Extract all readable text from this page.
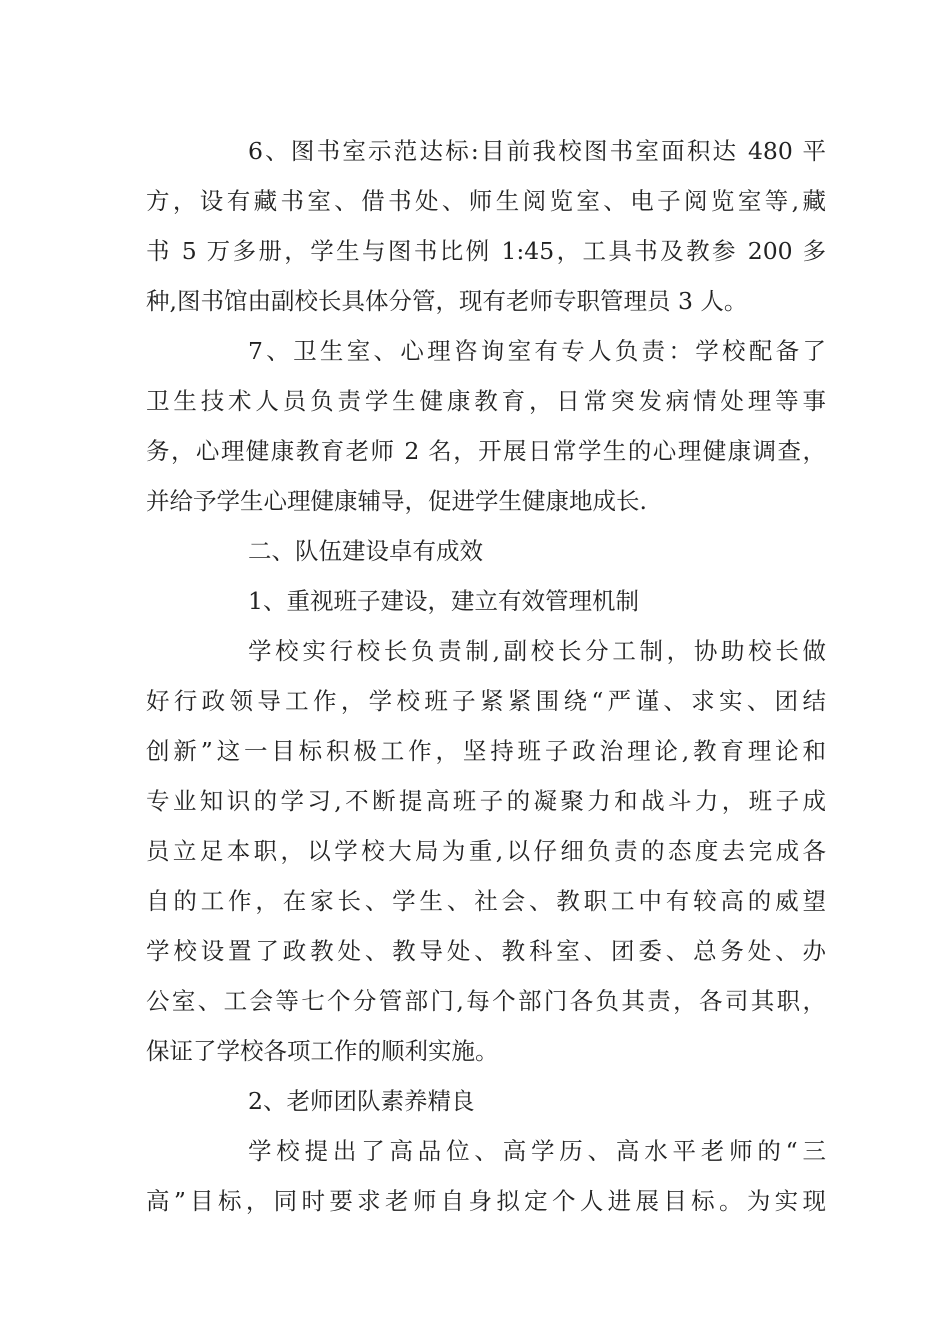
6、图书室示范达标:目前我校图书室面积达 480 平
方，设有藏书室、借书处、师生阅览室、电子阅览室等,藏
书 5 万多册，学生与图书比例 1:45，工具书及教参 200 多
种,图书馆由副校长具体分管，现有老师专职管理员 3 人。
7、卫生室、心理咨询室有专人负责：学校配备了
卫生技术人员负责学生健康教育，日常突发病情处理等事
务，心理健康教育老师 2 名，开展日常学生的心理健康调查，
并给予学生心理健康辅导，促进学生健康地成长.
二、队伍建设卓有成效
1、重视班子建设，建立有效管理机制
学校实行校长负责制,副校长分工制，协助校长做
好行政领导工作，学校班子紧紧围绕“严谨、求实、团结
创新”这一目标积极工作，坚持班子政治理论,教育理论和
专业知识的学习,不断提高班子的凝聚力和战斗力，班子成
员立足本职，以学校大局为重,以仔细负责的态度去完成各
自的工作，在家长、学生、社会、教职工中有较高的威望
学校设置了政教处、教导处、教科室、团委、总务处、办
公室、工会等七个分管部门,每个部门各负其责，各司其职，
保证了学校各项工作的顺利实施。
2、老师团队素养精良
学校提出了高品位、高学历、高水平老师的“三
高”目标，同时要求老师自身拟定个人进展目标。为实现
